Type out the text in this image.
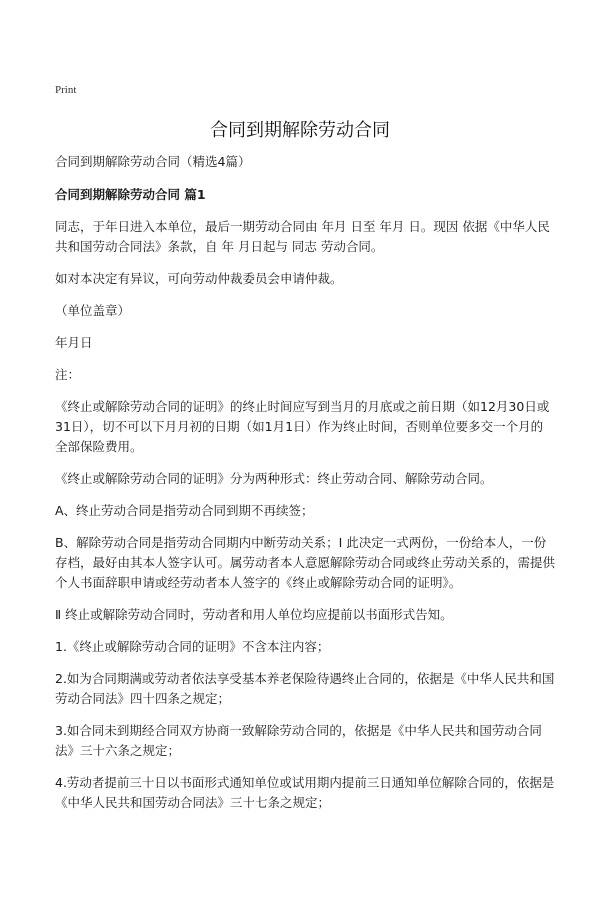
Print
合同到期解除劳动合同

合同到期解除劳动合同（精选4篇）

合同到期解除劳动合同 篇1

同志，于年日进入本单位，最后一期劳动合同由 年月 日至 年月 日。现因 依据《中华人民共和国劳动合同法》条款，自 年 月日起与 同志 劳动合同。

如对本决定有异议，可向劳动仲裁委员会申请仲裁。

（单位盖章）

年月日

注：

《终止或解除劳动合同的证明》的终止时间应写到当月的月底或之前日期（如12月30日或31日），切不可以下月月初的日期（如1月1日）作为终止时间，否则单位要多交一个月的 全部保险费用。

《终止或解除劳动合同的证明》分为两种形式：终止劳动合同、解除劳动合同。

A、终止劳动合同是指劳动合同到期不再续签；

B、解除劳动合同是指劳动合同期内中断劳动关系；Ⅰ 此决定一式两份，一份给本人，一份存档，最好由其本人签字认可。属劳动者本人意愿解除劳动合同或终止劳动关系的，需提供个人书面辞职申请或经劳动者本人签字的《终止或解除劳动合同的证明》。

Ⅱ 终止或解除劳动合同时，劳动者和用人单位均应提前以书面形式告知。

1.《终止或解除劳动合同的证明》不含本注内容；

2.如为合同期满或劳动者依法享受基本养老保险待遇终止合同的，依据是《中华人民共和国劳动合同法》四十四条之规定；

3.如合同未到期经合同双方协商一致解除劳动合同的，依据是《中华人民共和国劳动合同法》三十六条之规定；

4.劳动者提前三十日以书面形式通知单位或试用期内提前三日通知单位解除合同的，依据是《中华人民共和国劳动合同法》三十七条之规定；
